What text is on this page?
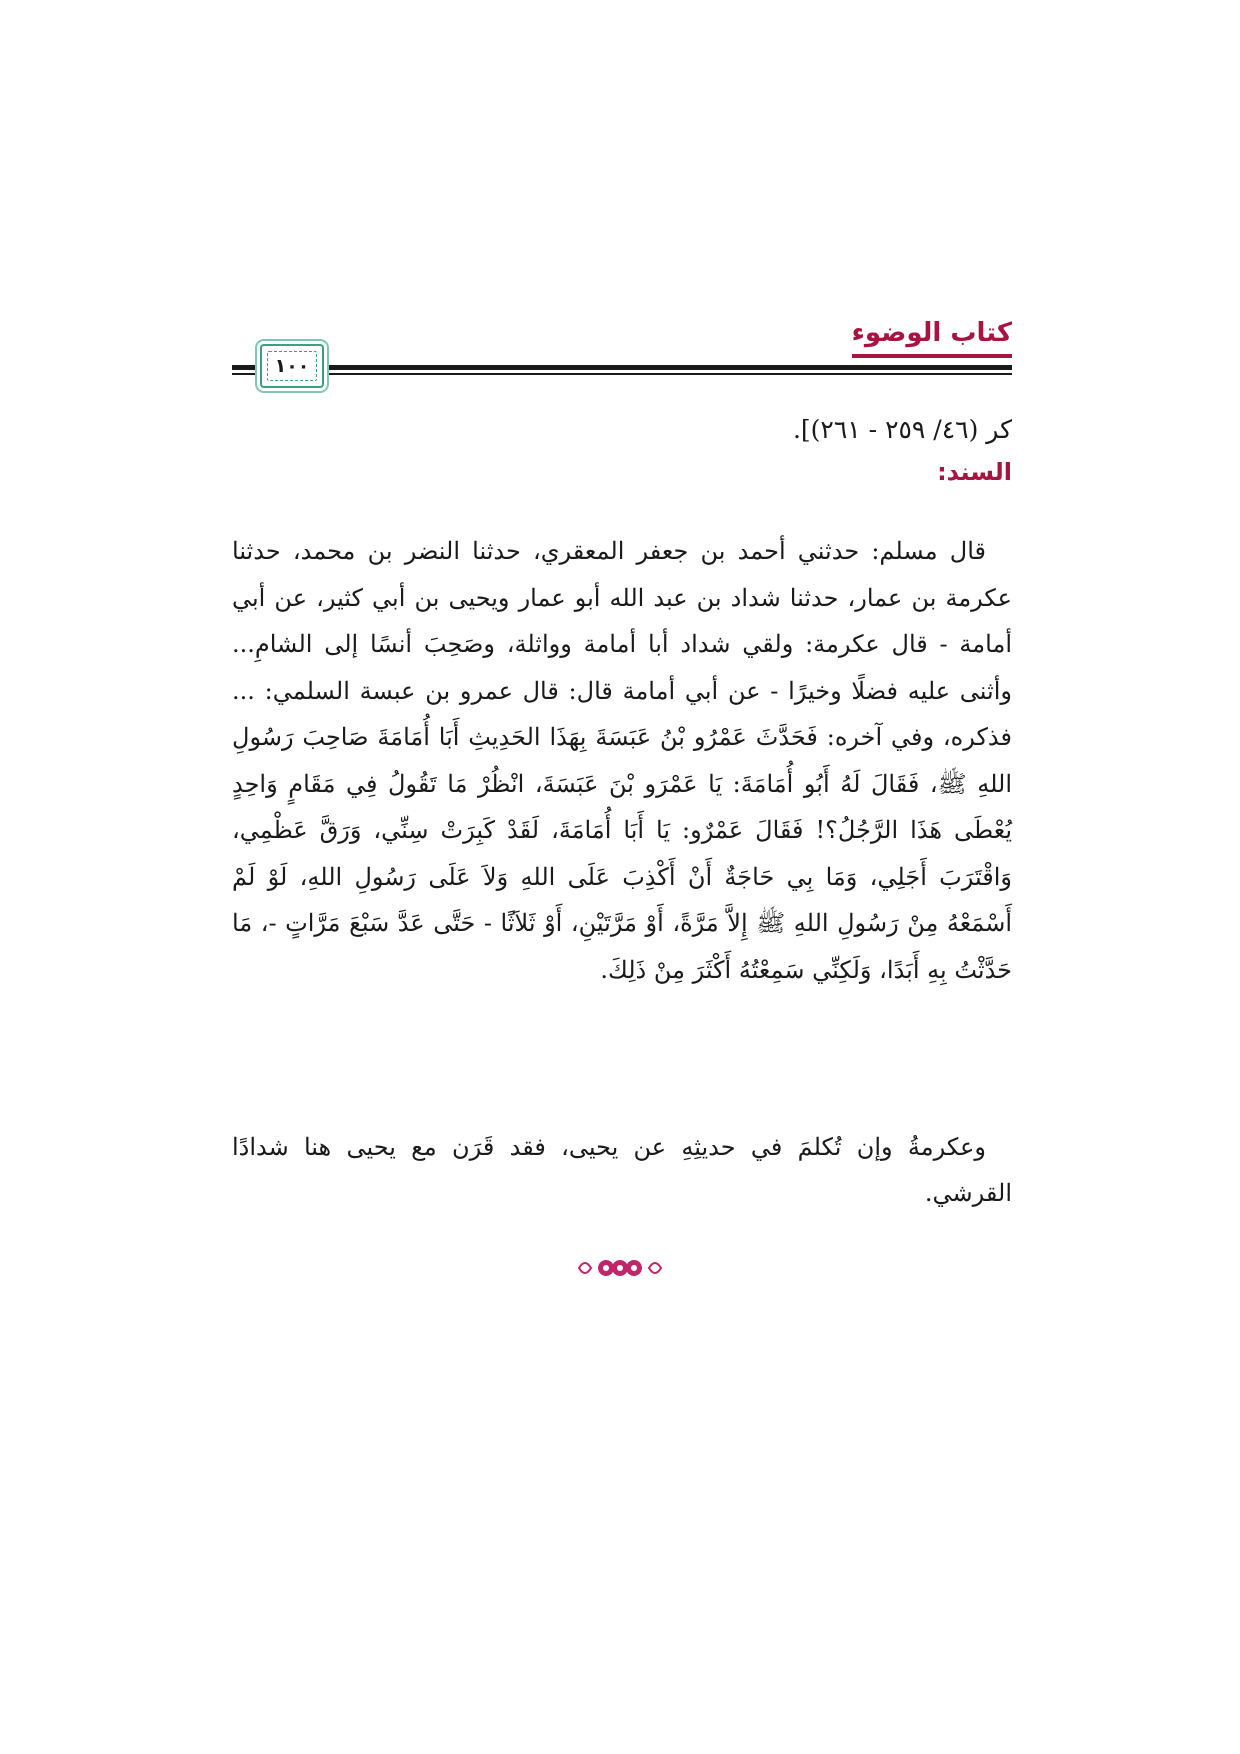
كتاب الوضوء
١٠٠
كر (٤٦/ ٢٥٩ - ٢٦١)].
السند:
قال مسلم: حدثني أحمد بن جعفر المعقري، حدثنا النضر بن محمد، حدثنا عكرمة بن عمار، حدثنا شداد بن عبد الله أبو عمار ويحيى بن أبي كثير، عن أبي أمامة - قال عكرمة: ولقي شداد أبا أمامة وواثلة، وصَحِبَ أنسًا إلى الشامِ... وأثنى عليه فضلًا وخيرًا - عن أبي أمامة قال: قال عمرو بن عبسة السلمي: ... فذكره، وفي آخره: فَحَدَّثَ عَمْرُو بْنُ عَبَسَةَ بِهَذَا الحَدِيثِ أَبَا أُمَامَةَ صَاحِبَ رَسُولِ اللهِ ﷺ، فَقَالَ لَهُ أَبُو أُمَامَةَ: يَا عَمْرَو بْنَ عَبَسَةَ، انْظُرْ مَا تَقُولُ فِي مَقَامٍ وَاحِدٍ يُعْطَى هَذَا الرَّجُلُ؟! فَقَالَ عَمْرٌو: يَا أَبَا أُمَامَةَ، لَقَدْ كَبِرَتْ سِنِّي، وَرَقَّ عَظْمِي، وَاقْتَرَبَ أَجَلِي، وَمَا بِي حَاجَةٌ أَنْ أَكْذِبَ عَلَى اللهِ وَلاَ عَلَى رَسُولِ اللهِ، لَوْ لَمْ أَسْمَعْهُ مِنْ رَسُولِ اللهِ ﷺ إِلاَّ مَرَّةً، أَوْ مَرَّتَيْنِ، أَوْ ثَلاَثًا - حَتَّى عَدَّ سَبْعَ مَرَّاتٍ -، مَا حَدَّثْتُ بِهِ أَبَدًا، وَلَكِنِّي سَمِعْتُهُ أَكْثَرَ مِنْ ذَلِكَ.
وعكرمةُ وإن تُكلمَ في حديثِهِ عن يحيى، فقد قَرَن مع يحيى هنا شدادًا القرشي.
